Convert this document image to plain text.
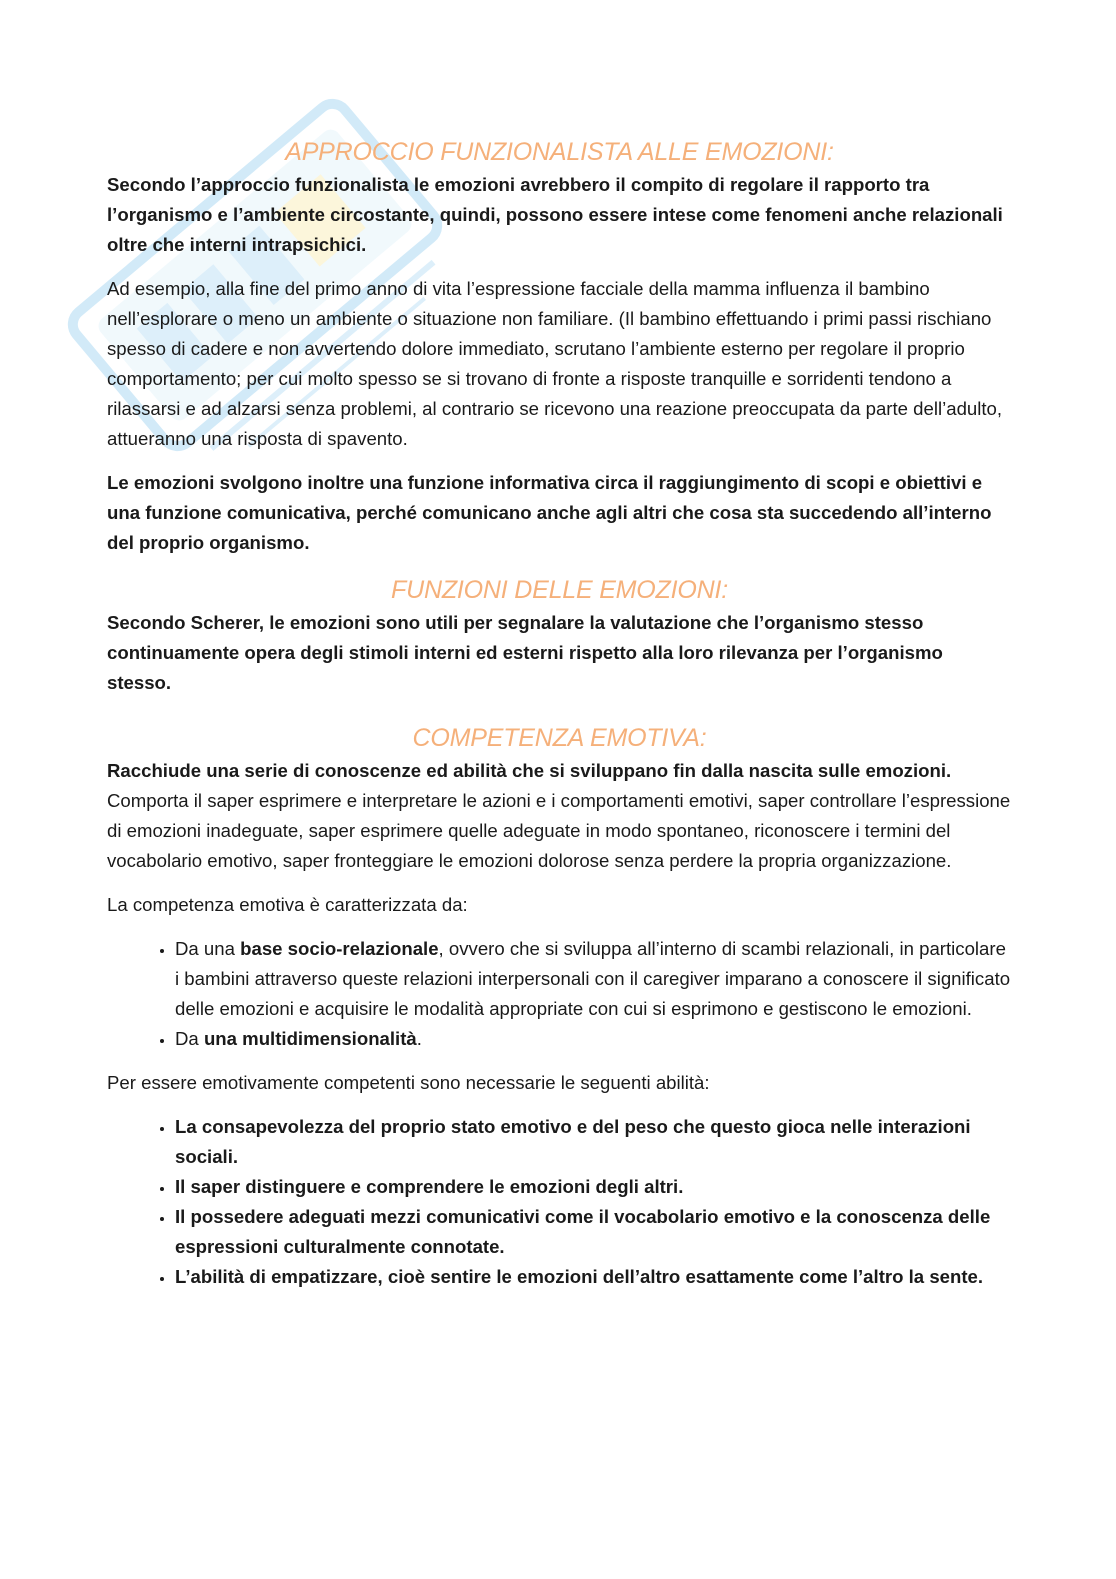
APPROCCIO FUNZIONALISTA ALLE EMOZIONI:

Secondo l’approccio funzionalista le emozioni avrebbero il compito di regolare il rapporto tra l’organismo e l’ambiente circostante, quindi, possono essere intese come fenomeni anche relazionali oltre che interni intrapsichici.

Ad esempio, alla fine del primo anno di vita l’espressione facciale della mamma influenza il bambino nell’esplorare o meno un ambiente o situazione non familiare. (Il bambino effettuando i primi passi rischiano spesso di cadere e non avvertendo dolore immediato, scrutano l’ambiente esterno per regolare il proprio comportamento; per cui molto spesso se si trovano di fronte a risposte tranquille e sorridenti tendono a rilassarsi e ad alzarsi senza problemi, al contrario se ricevono una reazione preoccupata da parte dell’adulto, attueranno una risposta di spavento.

Le emozioni svolgono inoltre una funzione informativa circa il raggiungimento di scopi e obiettivi e una funzione comunicativa, perché comunicano anche agli altri che cosa sta succedendo all’interno del proprio organismo.

FUNZIONI DELLE EMOZIONI:

Secondo Scherer, le emozioni sono utili per segnalare la valutazione che l’organismo stesso continuamente opera degli stimoli interni ed esterni rispetto alla loro rilevanza per l’organismo stesso.

COMPETENZA EMOTIVA:

Racchiude una serie di conoscenze ed abilità che si sviluppano fin dalla nascita sulle emozioni. Comporta il saper esprimere e interpretare le azioni e i comportamenti emotivi, saper controllare l’espressione di emozioni inadeguate, saper esprimere quelle adeguate in modo spontaneo, riconoscere i termini del vocabolario emotivo, saper fronteggiare le emozioni dolorose senza perdere la propria organizzazione.

La competenza emotiva è caratterizzata da:

• Da una base socio-relazionale, ovvero che si sviluppa all’interno di scambi relazionali, in particolare i bambini attraverso queste relazioni interpersonali con il caregiver imparano a conoscere il significato delle emozioni e acquisire le modalità appropriate con cui si esprimono e gestiscono le emozioni.
• Da una multidimensionalità.

Per essere emotivamente competenti sono necessarie le seguenti abilità:

• La consapevolezza del proprio stato emotivo e del peso che questo gioca nelle interazioni sociali.
• Il saper distinguere e comprendere le emozioni degli altri.
• Il possedere adeguati mezzi comunicativi come il vocabolario emotivo e la conoscenza delle espressioni culturalmente connotate.
• L’abilità di empatizzare, cioè sentire le emozioni dell’altro esattamente come l’altro la sente.
